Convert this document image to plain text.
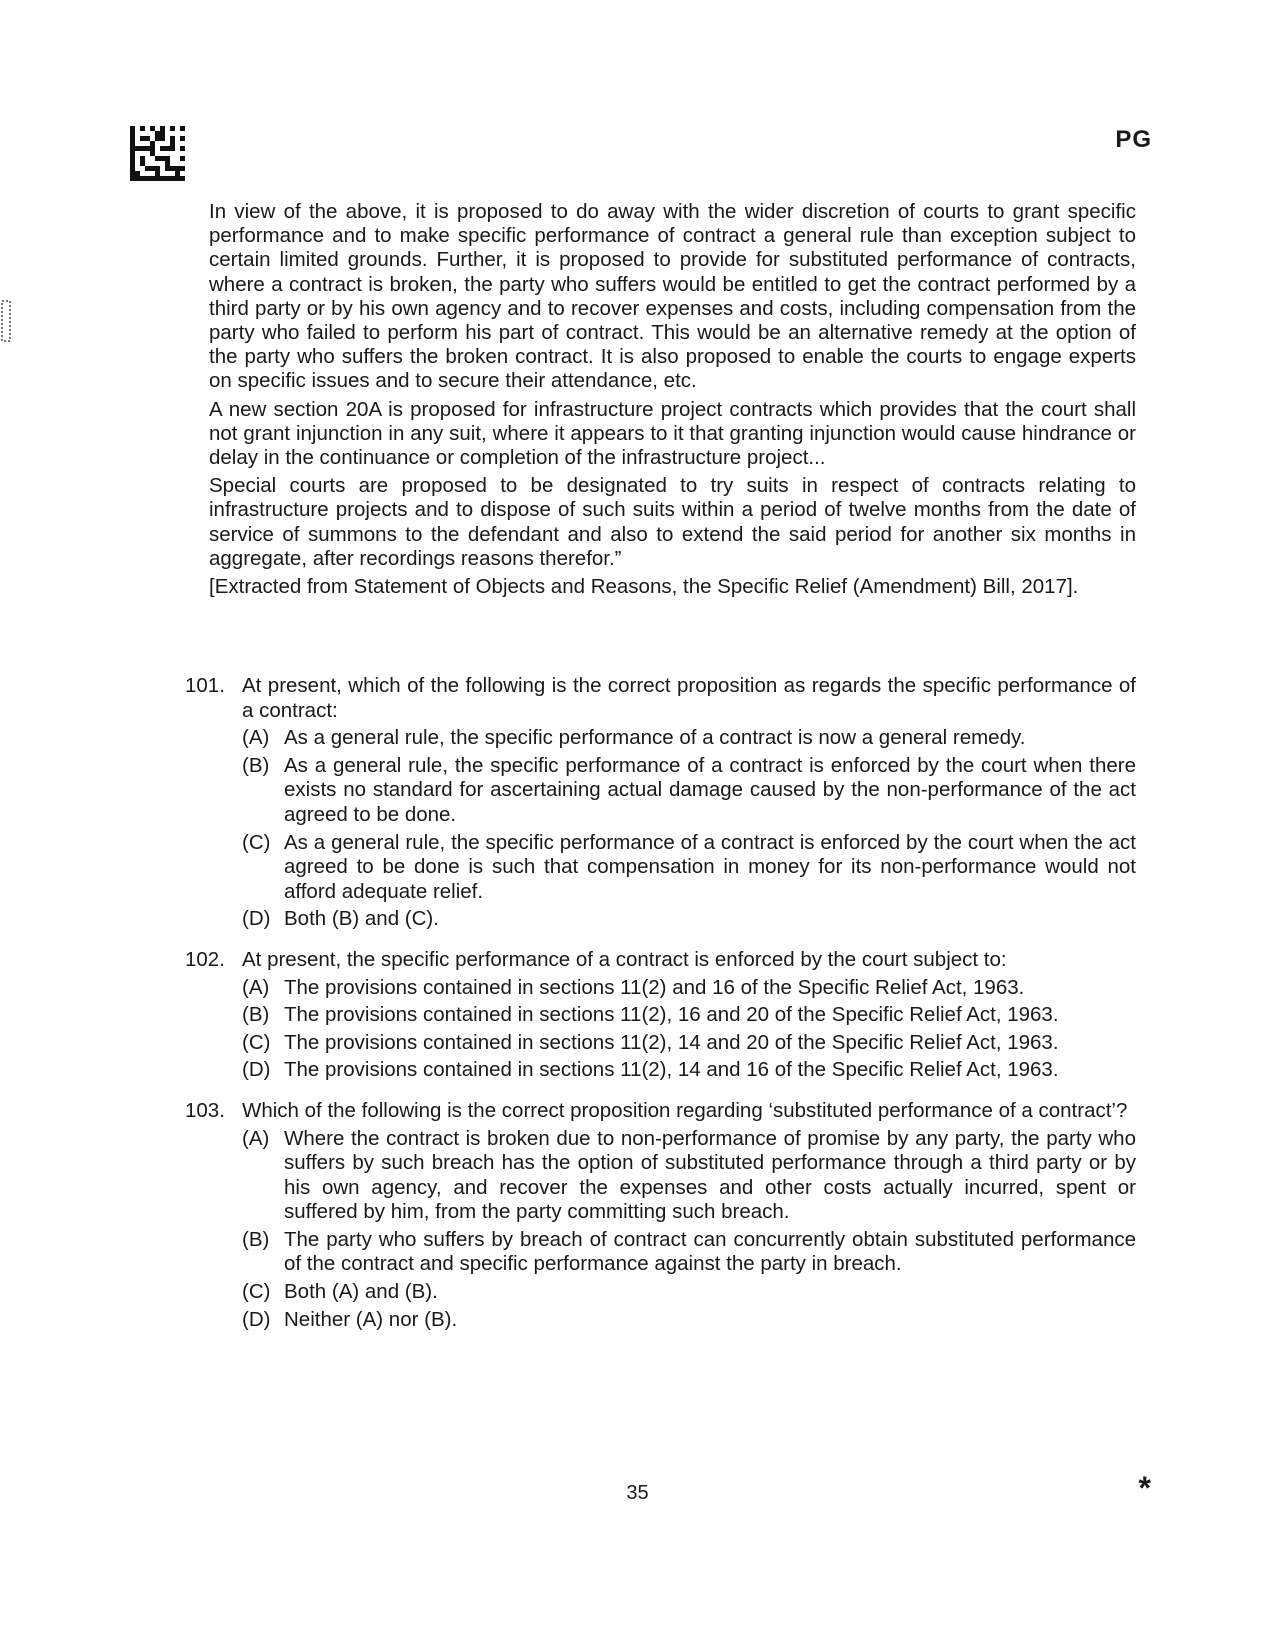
PG

In view of the above, it is proposed to do away with the wider discretion of courts to grant specific performance and to make specific performance of contract a general rule than exception subject to certain limited grounds. Further, it is proposed to provide for substituted performance of contracts, where a contract is broken, the party who suffers would be entitled to get the contract performed by a third party or by his own agency and to recover expenses and costs, including compensation from the party who failed to perform his part of contract. This would be an alternative remedy at the option of the party who suffers the broken contract. It is also proposed to enable the courts to engage experts on specific issues and to secure their attendance, etc.

A new section 20A is proposed for infrastructure project contracts which provides that the court shall not grant injunction in any suit, where it appears to it that granting injunction would cause hindrance or delay in the continuance or completion of the infrastructure project...

Special courts are proposed to be designated to try suits in respect of contracts relating to infrastructure projects and to dispose of such suits within a period of twelve months from the date of service of summons to the defendant and also to extend the said period for another six months in aggregate, after recordings reasons therefor.”

[Extracted from Statement of Objects and Reasons, the Specific Relief (Amendment) Bill, 2017].

101. At present, which of the following is the correct proposition as regards the specific performance of a contract:
(A) As a general rule, the specific performance of a contract is now a general remedy.
(B) As a general rule, the specific performance of a contract is enforced by the court when there exists no standard for ascertaining actual damage caused by the non-performance of the act agreed to be done.
(C) As a general rule, the specific performance of a contract is enforced by the court when the act agreed to be done is such that compensation in money for its non-performance would not afford adequate relief.
(D) Both (B) and (C).
102. At present, the specific performance of a contract is enforced by the court subject to:
(A) The provisions contained in sections 11(2) and 16 of the Specific Relief Act, 1963.
(B) The provisions contained in sections 11(2), 16 and 20 of the Specific Relief Act, 1963.
(C) The provisions contained in sections 11(2), 14 and 20 of the Specific Relief Act, 1963.
(D) The provisions contained in sections 11(2), 14 and 16 of the Specific Relief Act, 1963.
103. Which of the following is the correct proposition regarding ‘substituted performance of a contract’?
(A) Where the contract is broken due to non-performance of promise by any party, the party who suffers by such breach has the option of substituted performance through a third party or by his own agency, and recover the expenses and other costs actually incurred, spent or suffered by him, from the party committing such breach.
(B) The party who suffers by breach of contract can concurrently obtain substituted performance of the contract and specific performance against the party in breach.
(C) Both (A) and (B).
(D) Neither (A) nor (B).
35	*
